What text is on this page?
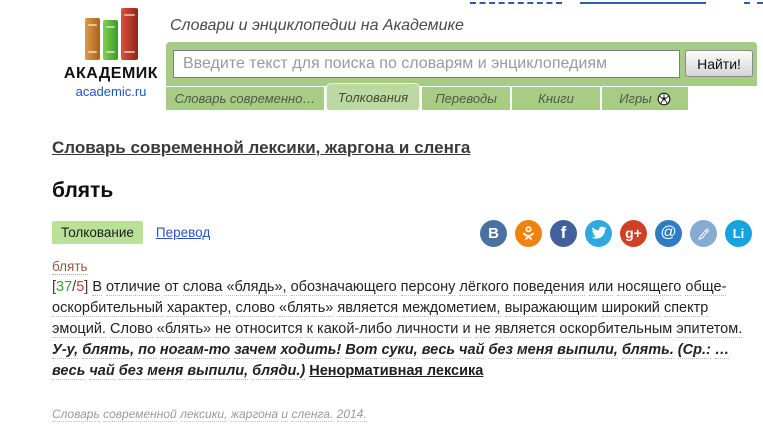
АКАДЕМИК
academic.ru
Словари и энциклопедии на Академике
Введите текст для поиска по словарям и энциклопедиям
Найти!
Словарь современно… Толкования Переводы	Книги	Игры
Словарь современной лексики, жаргона и сленга
блять
Толкование Перевод	В	f	g+	@	Li
блять

[37/5] В отличие от слова «блядь», обозначающего персону лёгкого поведения или носящего обще-оскорбительный характер, слово «блять» является междометием, выражающим широкий спектр эмоций. Слово «блять» не относится к какой-либо личности и не является оскорбительным эпитетом. У-у, блять, по ногам-то зачем ходить! Вот суки, весь чай без меня выпили, блять. (Ср.: …весь чай без меня выпили, бляди.) Ненормативная лексика

Словарь современной лексики, жаргона и сленга. 2014.
